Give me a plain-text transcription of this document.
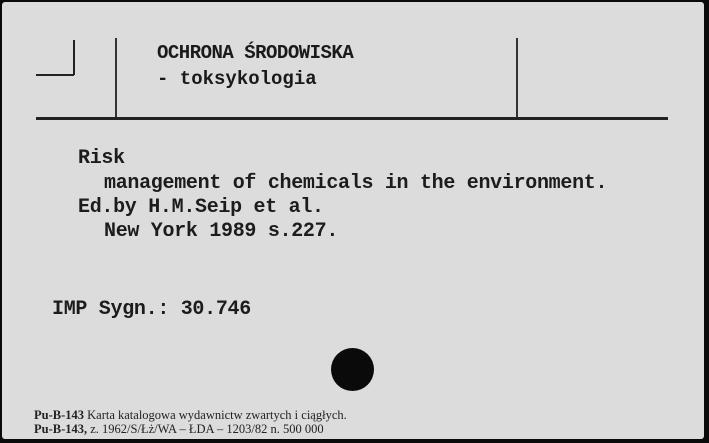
OCHRONA ŚRODOWISKA
- toksykologia
Risk
management of chemicals in the environment.
Ed.by H.M.Seip et al.
New York 1989 s.227.
IMP Sygn.: 30.746
Pu-B-143 Karta katalogowa wydawnictw zwartych i ciągłych.
Pu-B-143, z. 1962/S/Łż/WA – ŁDA – 1203/82 n. 500 000
